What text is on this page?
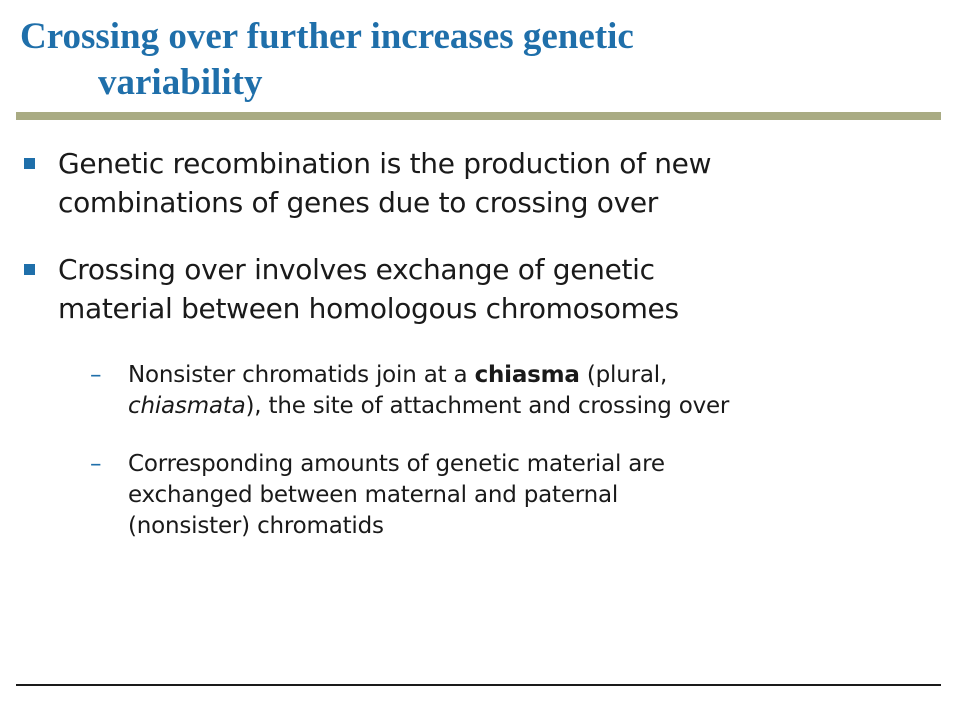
Crossing over further increases genetic
variability
Genetic recombination is the production of new
combinations of genes due to crossing over
Crossing over involves exchange of genetic
material between homologous chromosomes
– Nonsister chromatids join at a chiasma (plural,
chiasmata), the site of attachment and crossing over
– Corresponding amounts of genetic material are
exchanged between maternal and paternal
(nonsister) chromatids
